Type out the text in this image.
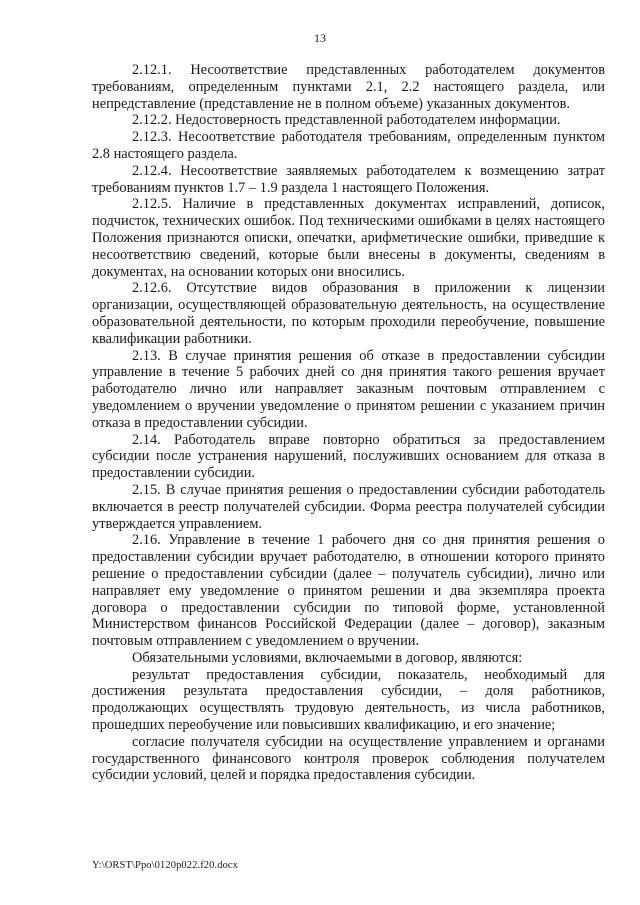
13

2.12.1. Несоответствие представленных работодателем документов требованиям, определенным пунктами 2.1, 2.2 настоящего раздела, или непредставление (представление не в полном объеме) указанных документов.

2.12.2. Недостоверность представленной работодателем информации.

2.12.3. Несоответствие работодателя требованиям, определенным пунктом 2.8 настоящего раздела.

2.12.4. Несоответствие заявляемых работодателем к возмещению затрат требованиям пунктов 1.7 – 1.9 раздела 1 настоящего Положения.

2.12.5. Наличие в представленных документах исправлений, дописок, подчисток, технических ошибок. Под техническими ошибками в целях настоящего Положения признаются описки, опечатки, арифметические ошибки, приведшие к несоответствию сведений, которые были внесены в документы, сведениям в документах, на основании которых они вносились.

2.12.6. Отсутствие видов образования в приложении к лицензии организации, осуществляющей образовательную деятельность, на осуществление образовательной деятельности, по которым проходили переобучение, повышение квалификации работники.

2.13. В случае принятия решения об отказе в предоставлении субсидии управление в течение 5 рабочих дней со дня принятия такого решения вручает работодателю лично или направляет заказным почтовым отправлением с уведомлением о вручении уведомление о принятом решении с указанием причин отказа в предоставлении субсидии.

2.14. Работодатель вправе повторно обратиться за предоставлением субсидии после устранения нарушений, послуживших основанием для отказа в предоставлении субсидии.

2.15. В случае принятия решения о предоставлении субсидии работодатель включается в реестр получателей субсидии. Форма реестра получателей субсидии утверждается управлением.

2.16. Управление в течение 1 рабочего дня со дня принятия решения о предоставлении субсидии вручает работодателю, в отношении которого принято решение о предоставлении субсидии (далее – получатель субсидии), лично или направляет ему уведомление о принятом решении и два экземпляра проекта договора о предоставлении субсидии по типовой форме, установленной Министерством финансов Российской Федерации (далее – договор), заказным почтовым отправлением с уведомлением о вручении.

Обязательными условиями, включаемыми в договор, являются:

результат предоставления субсидии, показатель, необходимый для достижения результата предоставления субсидии, – доля работников, продолжающих осуществлять трудовую деятельность, из числа работников, прошедших переобучение или повысивших квалификацию, и его значение;

согласие получателя субсидии на осуществление управлением и органами государственного финансового контроля проверок соблюдения получателем субсидии условий, целей и порядка предоставления субсидии.

Y:\ORST\Ppo\0120p022.f20.docx
